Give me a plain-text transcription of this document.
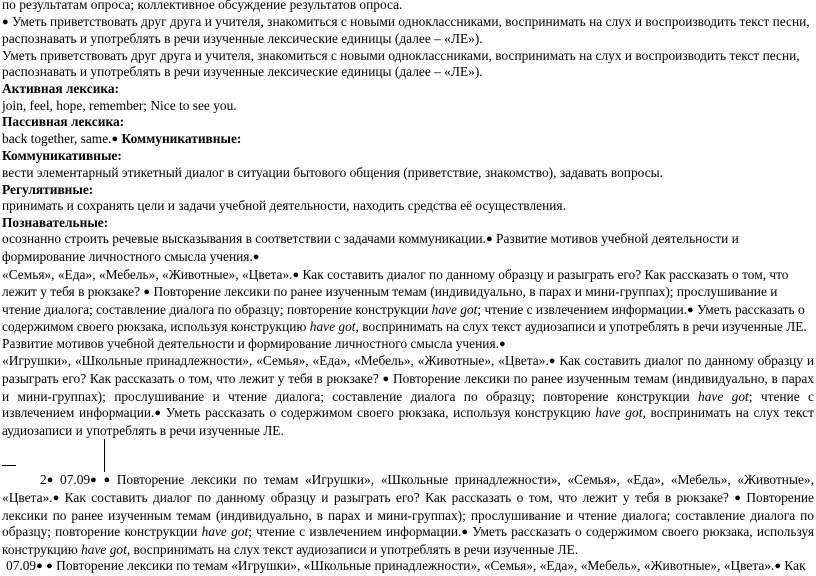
по результатам опроса; коллективное обсуждение результатов опроса.

● Уметь приветствовать друг друга и учителя, знакомиться с новыми одноклассниками, воспринимать на слух и воспроизводить текст песни, распознавать и употреблять в речи изученные лексические единицы (далее – «ЛЕ»).

Уметь приветствовать друг друга и учителя, знакомиться с новыми одноклассниками, воспринимать на слух и воспроизводить текст песни, распознавать и употреблять в речи изученные лексические единицы (далее – «ЛЕ»).

Активная лексика:

join, feel, hope, remember; Nice to see you.

Пассивная лексика:

back together, same.● Коммуникативные:

Коммуникативные:

вести элементарный этикетный диалог в ситуации бытового общения (приветствие, знакомство), задавать вопросы.

Регулятивные:

принимать и сохранять цели и задачи учебной деятельности, находить средства её осуществления.

Познавательные:

осознанно строить речевые высказывания в соответствии с задачами коммуникации.● Развитие мотивов учебной деятельности и формирование личностного смысла учения.●

«Семья», «Еда», «Мебель», «Животные», «Цвета».● Как составить диалог по данному образцу и разыграть его? Как рассказать о том, что лежит у тебя в рюкзаке? ● Повторение лексики по ранее изученным темам (индивидуально, в парах и мини-группах); прослушивание и чтение диалога; составление диалога по образцу; повторение конструкции have got; чтение с извлечением информации.● Уметь рассказать о содержимом своего рюкзака, используя конструкцию have got, воспринимать на слух текст аудиозаписи и употреблять в речи изученные ЛЕ. Развитие мотивов учебной деятельности и формирование личностного смысла учения.●

«Игрушки», «Школьные принадлежности», «Семья», «Еда», «Мебель», «Животные», «Цвета».● Как составить диалог по данному образцу и разыграть его? Как рассказать о том, что лежит у тебя в рюкзаке? ● Повторение лексики по ранее изученным темам (индивидуально, в парах и мини-группах); прослушивание и чтение диалога; составление диалога по образцу; повторение конструкции have got; чтение с извлечением информации.● Уметь рассказать о содержимом своего рюкзака, используя конструкцию have got, воспринимать на слух текст аудиозаписи и употреблять в речи изученные ЛЕ.

2● 07.09● ● Повторение лексики по темам «Игрушки», «Школьные принадлежности», «Семья», «Еда», «Мебель», «Животные», «Цвета».● Как составить диалог по данному образцу и разыграть его? Как рассказать о том, что лежит у тебя в рюкзаке? ● Повторение лексики по ранее изученным темам (индивидуально, в парах и мини-группах); прослушивание и чтение диалога; составление диалога по образцу; повторение конструкции have got; чтение с извлечением информации.● Уметь рассказать о содержимом своего рюкзака, используя конструкцию have got, воспринимать на слух текст аудиозаписи и употреблять в речи изученные ЛЕ.

07.09● ● Повторение лексики по темам «Игрушки», «Школьные принадлежности», «Семья», «Еда», «Мебель», «Животные», «Цвета».● Как
